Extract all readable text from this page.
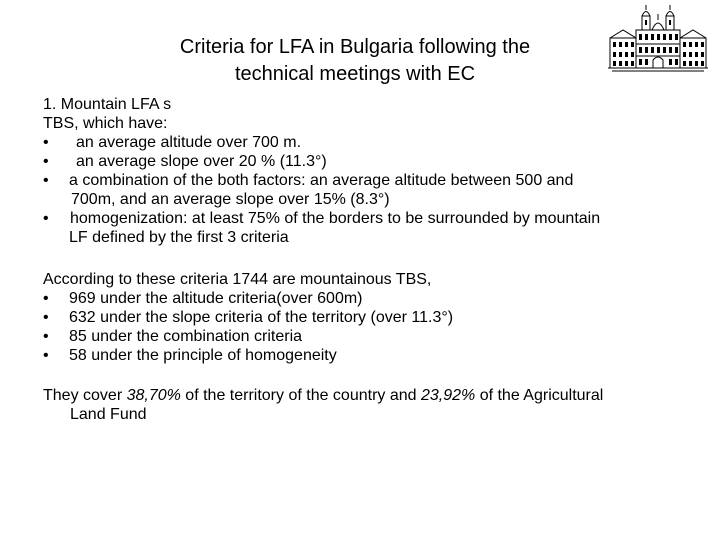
Criteria for LFA in Bulgaria following the
technical meetings with EC
1. Mountain LFA s
TBS, which have:
• an average altitude over 700 m.
• an average slope over 20 % (11.3°)
• a combination of the both factors: an average altitude between 500 and
700m, and an average slope over 15% (8.3°)
• homogenization: at least 75% of the borders to be surrounded by mountain
LF defined by the first 3 criteria
According to these criteria 1744 are mountainous TBS,
• 969 under the altitude criteria(over 600m)
• 632 under the slope criteria of the territory (over 11.3°)
• 85 under the combination criteria
• 58 under the principle of homogeneity
They cover 38,70% of the territory of the country and 23,92% of the Agricultural
Land Fund
